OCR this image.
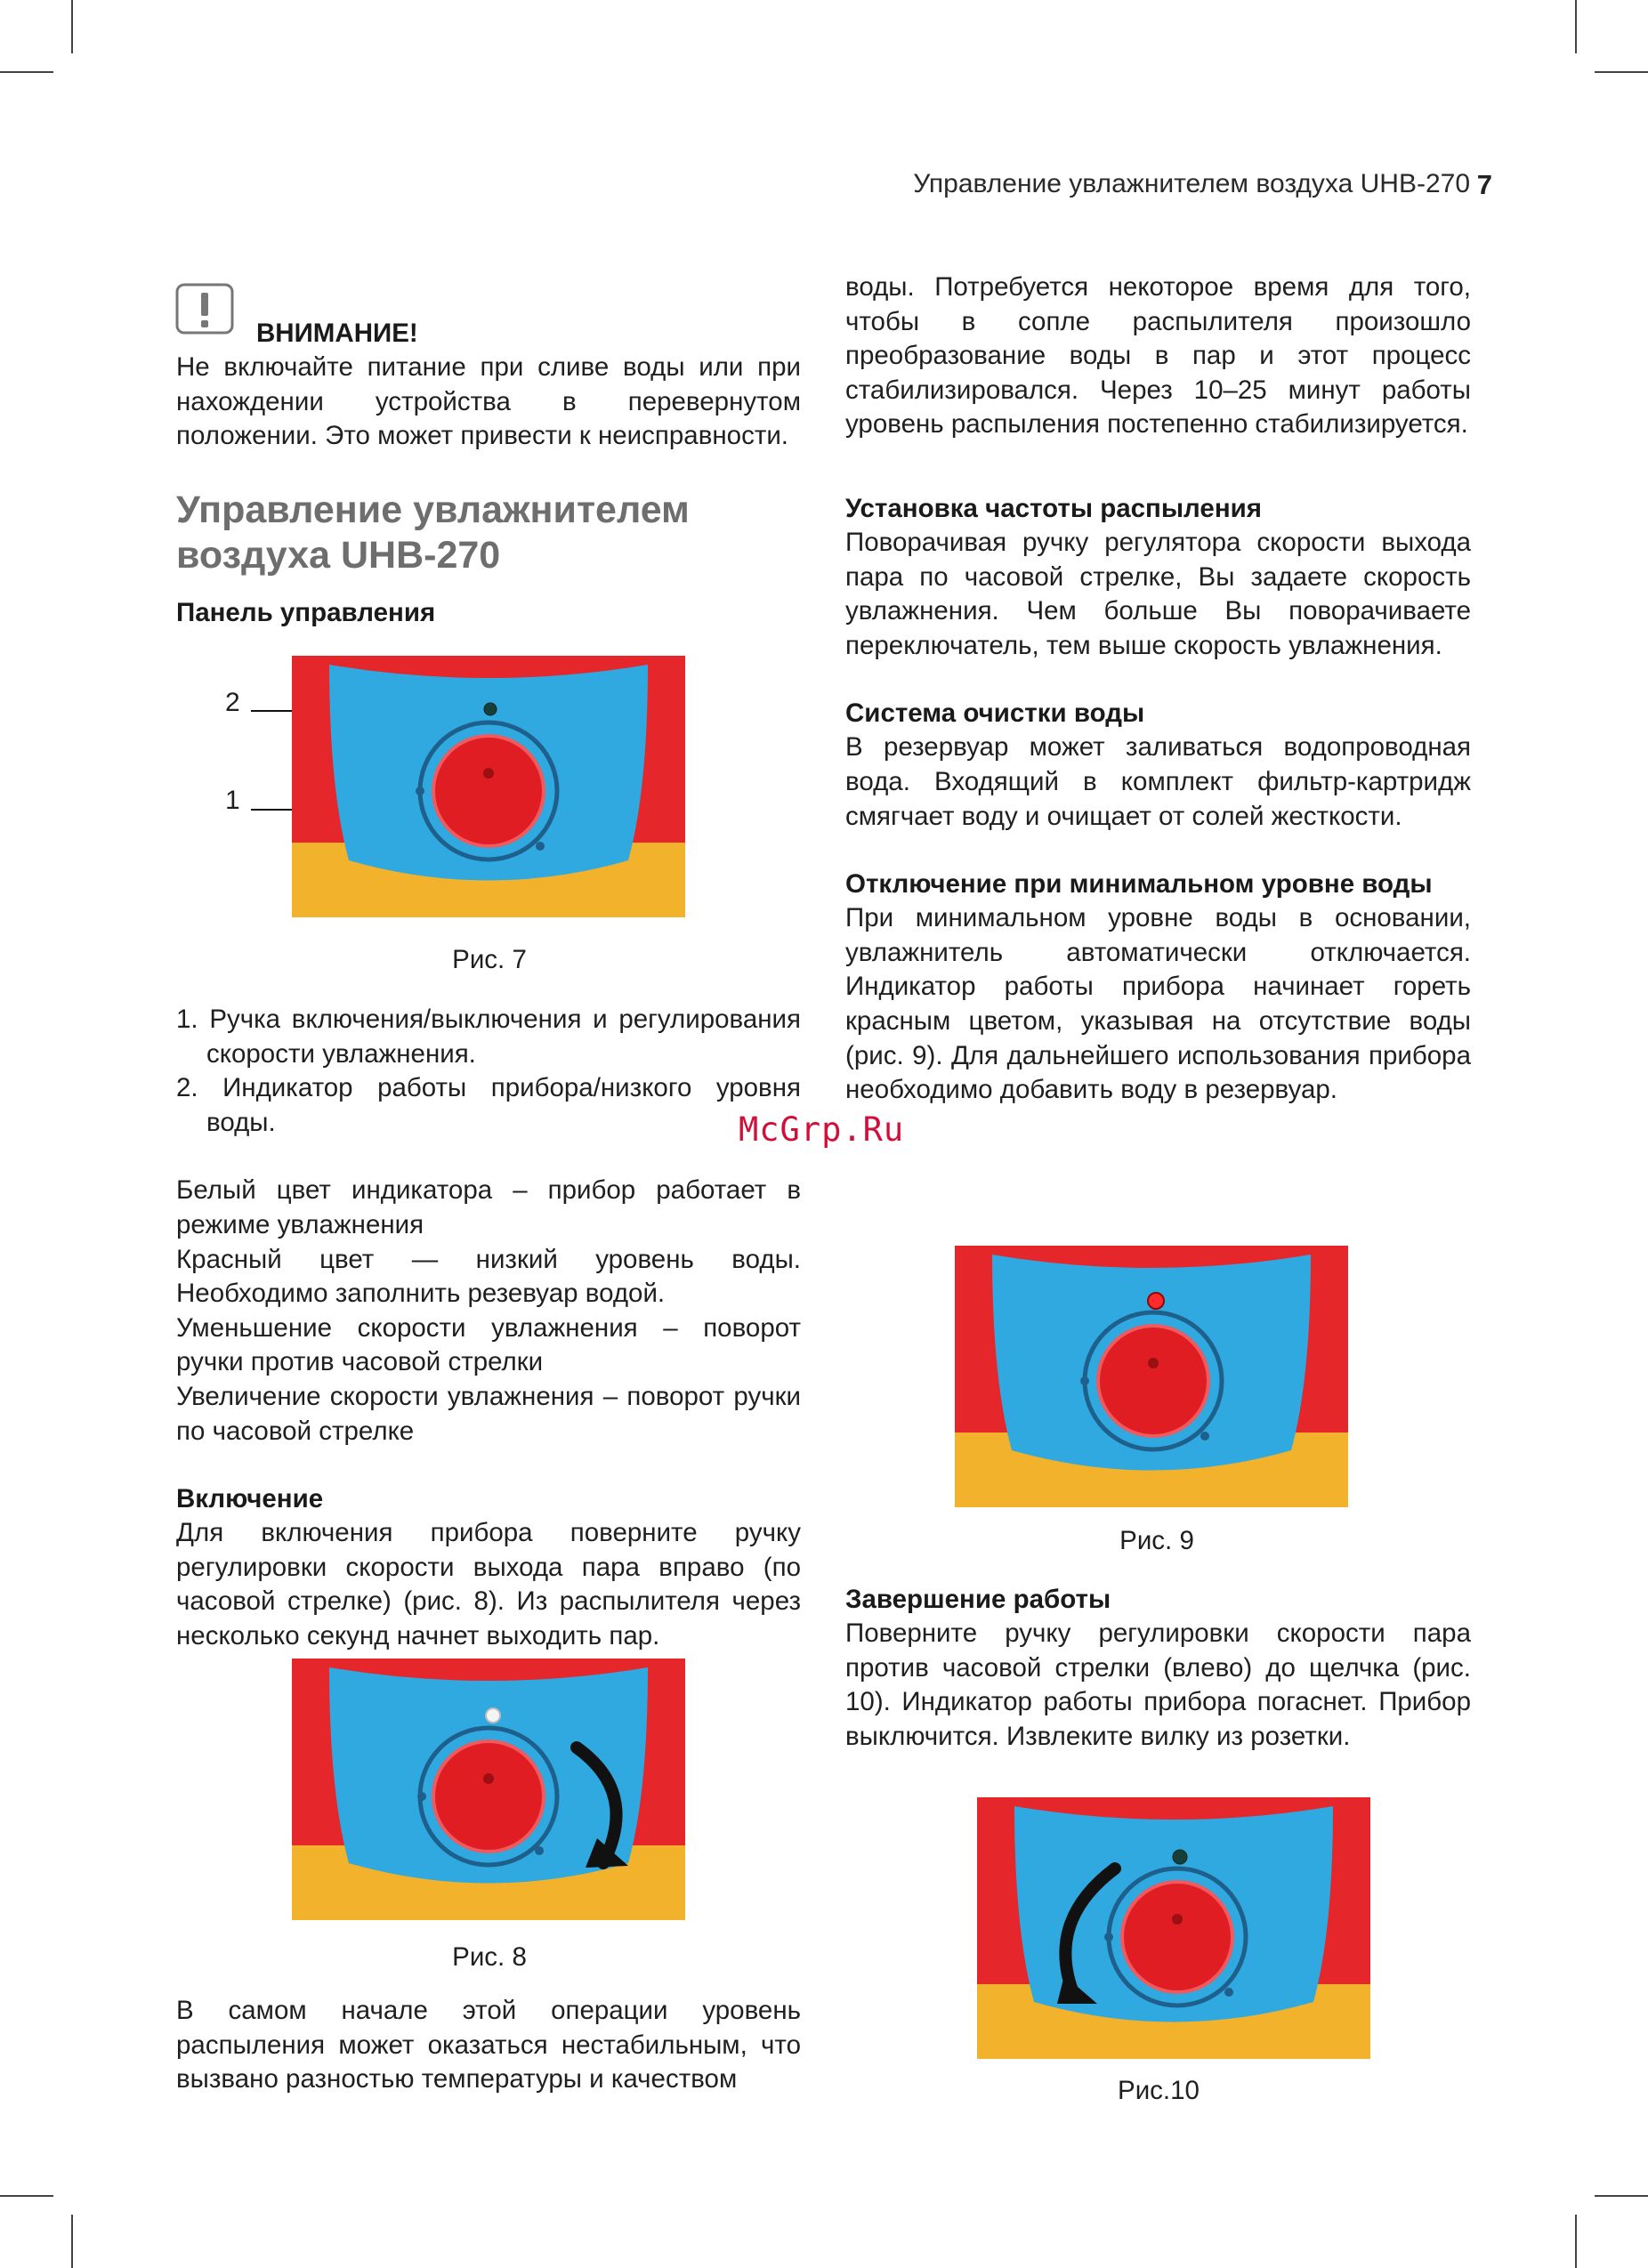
Управление увлажнителем воздуха UHB-270 7
ВНИМАНИЕ!

Не включайте питание при сливе воды или при нахождении устройства в перевернутом положении. Это может привести к неисправности.

Управление увлажнителем
воздуха UHB-270
Панель управления
2
1
Рис. 7
1. Ручка включения/выключения и регулирования скорости увлажнения.
2. Индикатор работы прибора/низкого уровня воды.

Белый цвет индикатора – прибор работает в режиме увлажнения

Красный цвет — низкий уровень воды. Необходимо заполнить резевуар водой.

Уменьшение скорости увлажнения – поворот ручки против часовой стрелки

Увеличение скорости увлажнения – поворот ручки по часовой стрелке

Включение

Для включения прибора поверните ручку регулировки скорости выхода пара вправо (по часовой стрелке) (рис. 8). Из распылителя через несколько секунд начнет выходить пар.

Рис. 8

В самом начале этой операции уровень распыления может оказаться нестабильным, что вызвано разностью температуры и качеством

воды. Потребуется некоторое время для того, чтобы в сопле распылителя произошло преобразование воды в пар и этот процесс стабилизировался. Через 10–25 минут работы уровень распыления постепенно стабилизируется.

Установка частоты распыления

Поворачивая ручку регулятора скорости выхода пара по часовой стрелке, Вы задаете скорость увлажнения. Чем больше Вы поворачиваете переключатель, тем выше скорость увлажнения.

Система очистки воды

В резервуар может заливаться водопроводная вода. Входящий в комплект фильтр-картридж смягчает воду и очищает от солей жесткости.

Отключение при минимальном уровне воды

При минимальном уровне воды в основании, увлажнитель автоматически отключается. Индикатор работы прибора начинает гореть красным цветом, указывая на отсутствие воды (рис. 9). Для дальнейшего использования прибора необходимо добавить воду в резервуар.

Рис. 9
Завершение работы

Поверните ручку регулировки скорости пара против часовой стрелки (влево) до щелчка (рис. 10). Индикатор работы прибора погаснет. Прибор выключится. Извлеките вилку из розетки.

Рис.10
McGrp.Ru
